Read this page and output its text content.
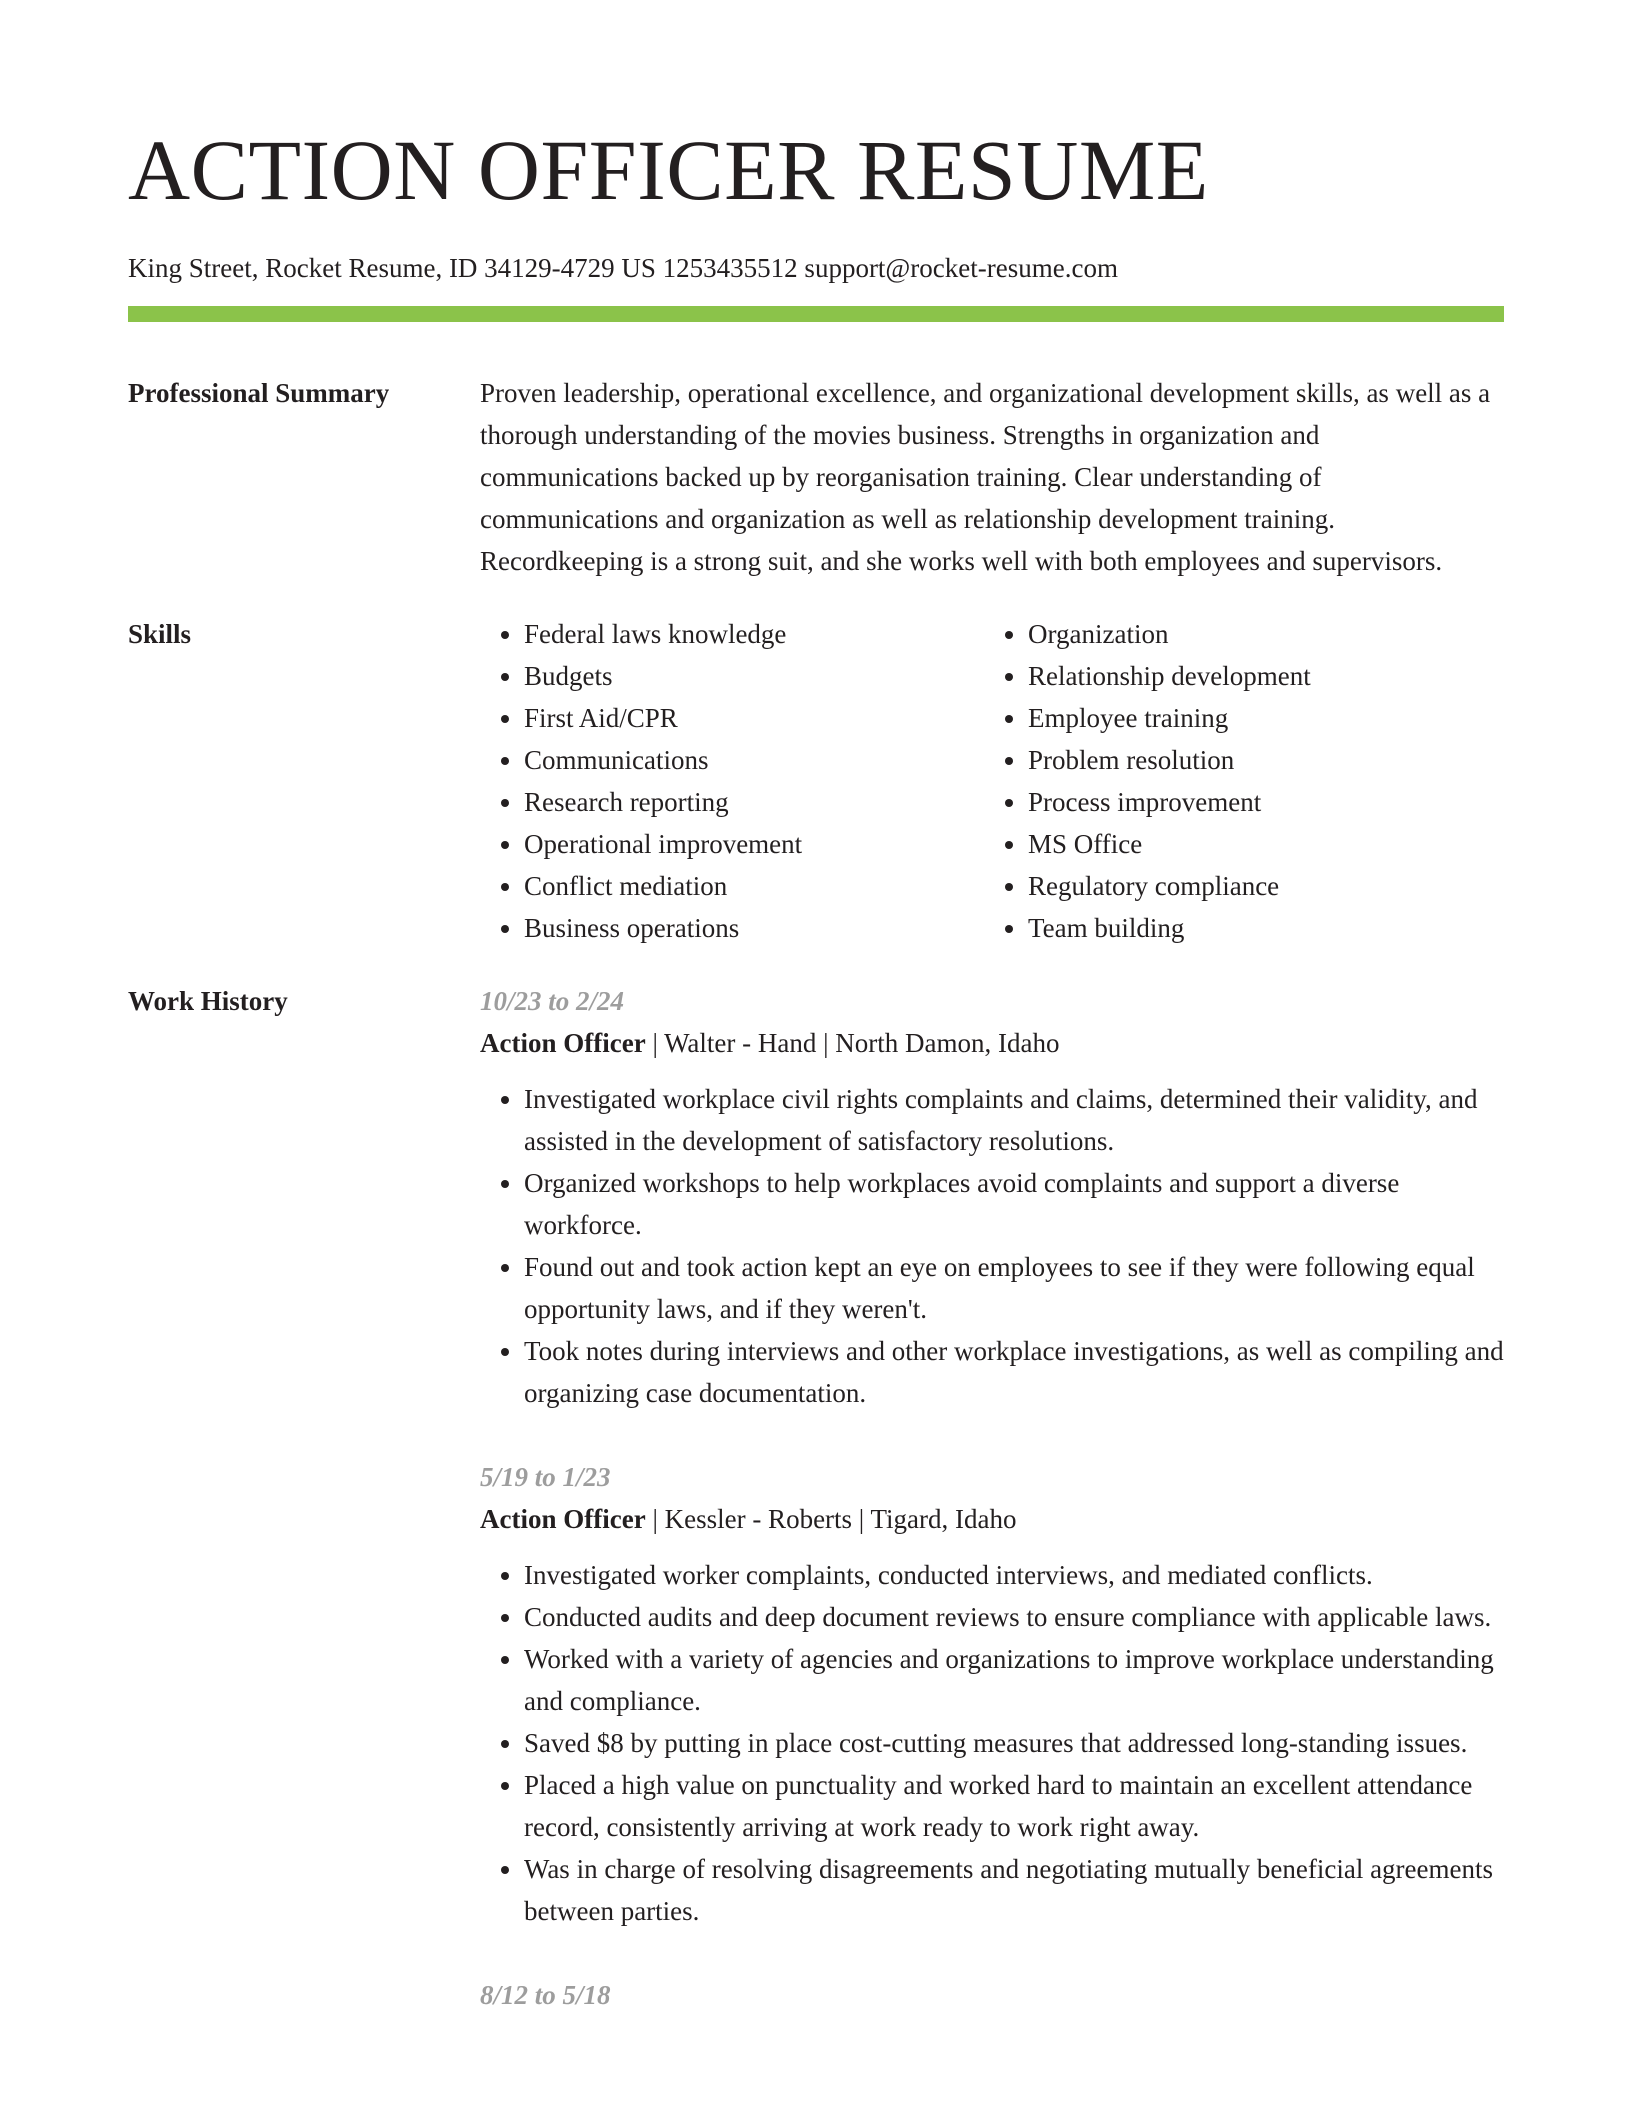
ACTION OFFICER RESUME
King Street, Rocket Resume, ID 34129-4729 US 1253435512 support@rocket-resume.com
Professional Summary	Proven leadership, operational excellence, and organizational development skills, as well as a thorough understanding of the movies business. Strengths in organization and communications backed up by reorganisation training. Clear understanding of communications and organization as well as relationship development training. Recordkeeping is a strong suit, and she works well with both employees and supervisors.

Skills
•	Federal laws knowledge
• Budgets
• First Aid/CPR
• Communications
• Research reporting
• Operational improvement
• Conflict mediation
• Business operations
• Organization
• Relationship development
• Employee training
• Problem resolution
• Process improvement
• MS Office
• Regulatory compliance
• Team building
Work History	10/23 to 2/24
Action Officer | Walter - Hand | North Damon, Idaho
• Investigated workplace civil rights complaints and claims, determined their validity, and assisted in the development of satisfactory resolutions.
• Organized workshops to help workplaces avoid complaints and support a diverse workforce.
• Found out and took action kept an eye on employees to see if they were following equal opportunity laws, and if they weren't.
• Took notes during interviews and other workplace investigations, as well as compiling and organizing case documentation.
5/19 to 1/23
Action Officer | Kessler - Roberts | Tigard, Idaho
• Investigated worker complaints, conducted interviews, and mediated conflicts.
• Conducted audits and deep document reviews to ensure compliance with applicable laws.
• Worked with a variety of agencies and organizations to improve workplace understanding and compliance.
• Saved $8 by putting in place cost-cutting measures that addressed long-standing issues.
• Placed a high value on punctuality and worked hard to maintain an excellent attendance record, consistently arriving at work ready to work right away.
• Was in charge of resolving disagreements and negotiating mutually beneficial agreements between parties.
8/12 to 5/18
